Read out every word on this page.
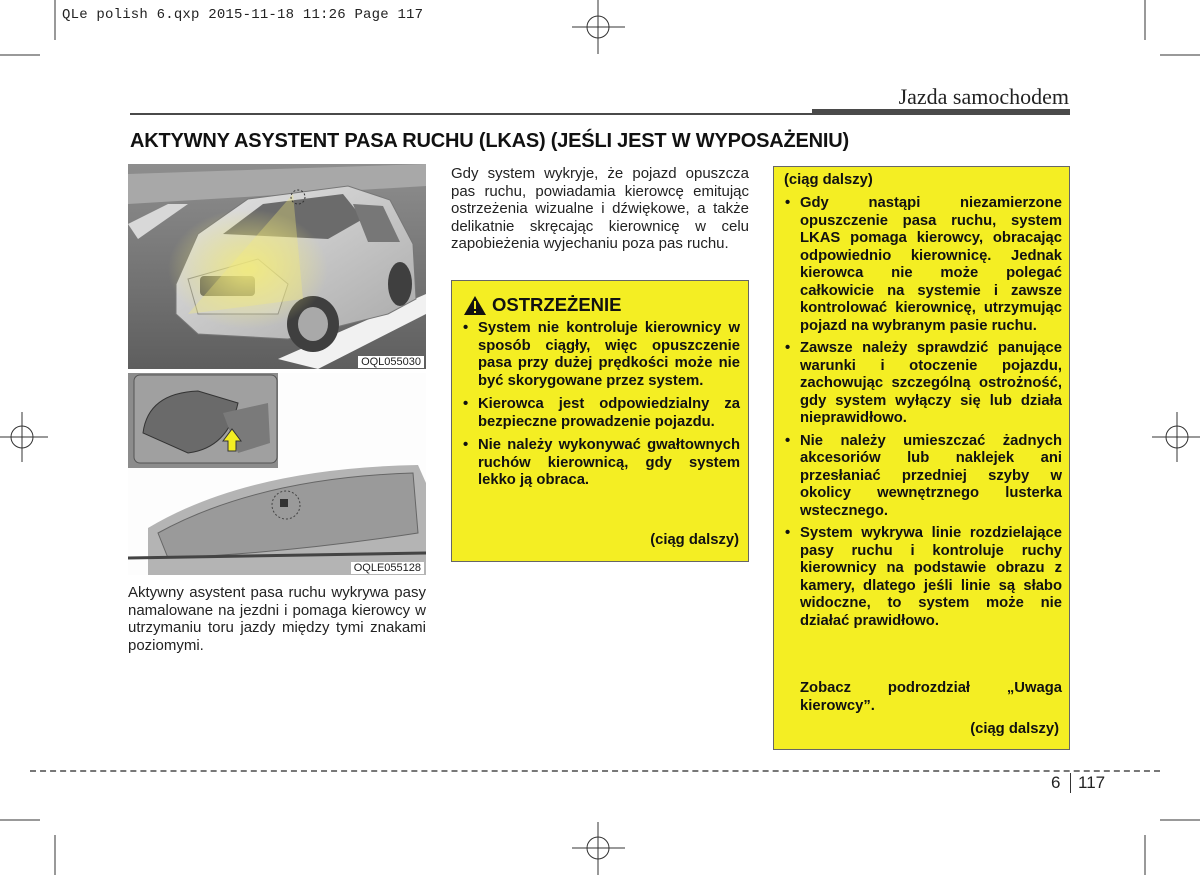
QLe polish 6.qxp 2015-11-18 11:26 Page 117
Jazda samochodem
AKTYWNY ASYSTENT PASA RUCHU (LKAS) (JEŚLI JEST W WYPOSAŻENIU)
OQL055030
OQLE055128
Aktywny asystent pasa ruchu wykrywa pasy namalowane na jezdni i pomaga kierowcy w utrzymaniu toru jazdy między tymi znakami poziomymi.
Gdy system wykryje, że pojazd opuszcza pas ruchu, powiadamia kierowcę emitując ostrzeżenia wizualne i dźwiękowe, a także delikatnie skręcając kierownicę w celu zapobieżenia wyjechaniu poza pas ruchu.
OSTRZEŻENIE
• System nie kontroluje kierownicy w sposób ciągły, więc opuszczenie pasa przy dużej prędkości może nie być skorygowane przez system.
• Kierowca jest odpowiedzialny za bezpieczne prowadzenie pojazdu.
• Nie należy wykonywać gwałtownych ruchów kierownicą, gdy system lekko ją obraca.
(ciąg dalszy)
(ciąg dalszy)
• Gdy nastąpi niezamierzone opuszczenie pasa ruchu, system LKAS pomaga kierowcy, obracając odpowiednio kierownicę. Jednak kierowca nie może polegać całkowicie na systemie i zawsze kontrolować kierownicę, utrzymując pojazd na wybranym pasie ruchu.
• Zawsze należy sprawdzić panujące warunki i otoczenie pojazdu, zachowując szczególną ostrożność, gdy system wyłączy się lub działa nieprawidłowo.
• Nie należy umieszczać żadnych akcesoriów lub naklejek ani przesłaniać przedniej szyby w okolicy wewnętrznego lusterka wstecznego.
• System wykrywa linie rozdzielające pasy ruchu i kontroluje ruchy kierownicy na podstawie obrazu z kamery, dlatego jeśli linie są słabo widoczne, to system może nie działać prawidłowo.
Zobacz podrozdział „Uwaga kierowcy”.
(ciąg dalszy)
6 117
